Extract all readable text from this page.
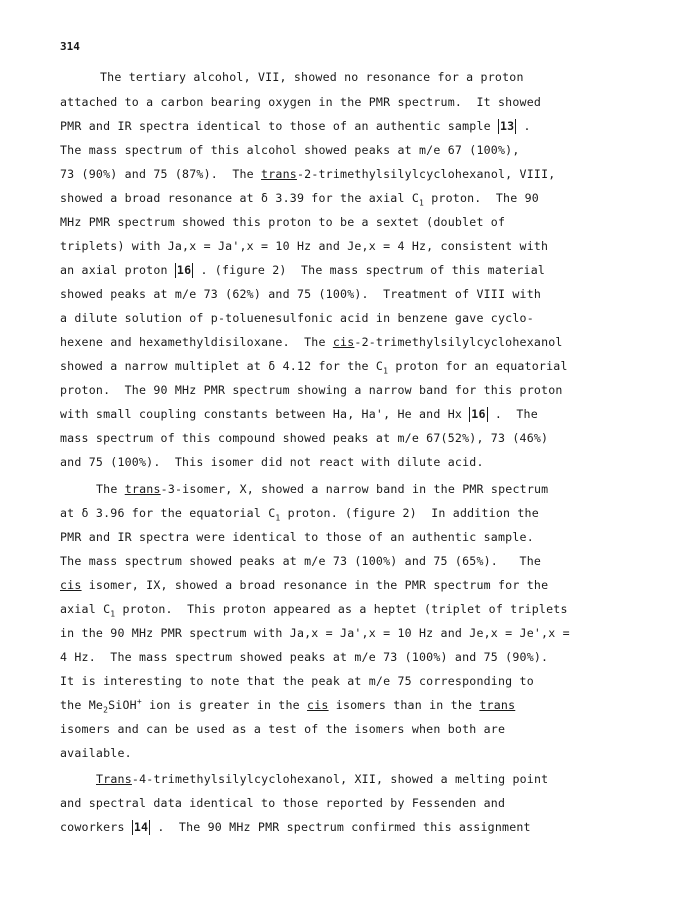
314
The tertiary alcohol, VII, showed no resonance for a proton
attached to a carbon bearing oxygen in the PMR spectrum.  It showed
PMR and IR spectra identical to those of an authentic sample 13 .
The mass spectrum of this alcohol showed peaks at m/e 67 (100%),
73 (90%) and 75 (87%).  The trans-2-trimethylsilylcyclohexanol, VIII,
showed a broad resonance at δ 3.39 for the axial $C_1$ proton.  The 90
MHz PMR spectrum showed this proton to be a sextet (doublet of
triplets) with Ja,x = Ja',x = 10 Hz and Je,x = 4 Hz, consistent with
an axial proton 16 . (figure 2)  The mass spectrum of this material
showed peaks at m/e 73 (62%) and 75 (100%).  Treatment of VIII with
a dilute solution of p-toluenesulfonic acid in benzene gave cyclo-
hexene and hexamethyldisiloxane.  The cis-2-trimethylsilylcyclohexanol
showed a narrow multiplet at δ 4.12 for the $C_1$ proton for an equatorial
proton.  The 90 MHz PMR spectrum showing a narrow band for this proton
with small coupling constants between Ha, Ha', He and Hx 16 .  The
mass spectrum of this compound showed peaks at m/e 67(52%), 73 (46%)
and 75 (100%).  This isomer did not react with dilute acid.
The trans-3-isomer, X, showed a narrow band in the PMR spectrum
at δ 3.96 for the equatorial $C_1$ proton. (figure 2)  In addition the
PMR and IR spectra were identical to those of an authentic sample.
The mass spectrum showed peaks at m/e 73 (100%) and 75 (65%).   The
cis isomer, IX, showed a broad resonance in the PMR spectrum for the
axial $C_1$ proton.  This proton appeared as a heptet (triplet of triplets
in the 90 MHz PMR spectrum with Ja,x = Ja',x = 10 Hz and Je,x = Je',x =
4 Hz.  The mass spectrum showed peaks at m/e 73 (100%) and 75 (90%).
It is interesting to note that the peak at m/e 75 corresponding to
the $Me_2SiOH^+$ ion is greater in the cis isomers than in the trans
isomers and can be used as a test of the isomers when both are
available.
Trans-4-trimethylsilylcyclohexanol, XII, showed a melting point
and spectral data identical to those reported by Fessenden and
coworkers 14 .  The 90 MHz PMR spectrum confirmed this assignment
